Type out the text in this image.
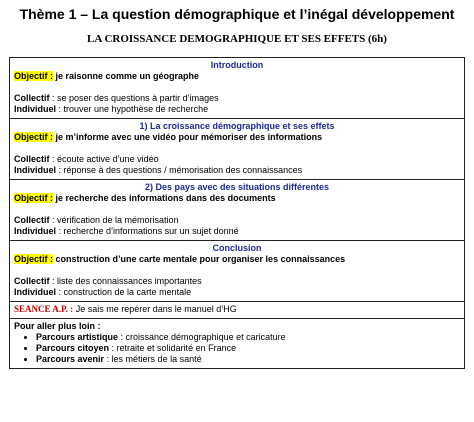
Thème 1 – La question démographique et l’inégal développement
LA CROISSANCE DEMOGRAPHIQUE ET SES EFFETS (6h)
Introduction
Objectif : je raisonne comme un géographe
Collectif : se poser des questions à partir d’images
Individuel : trouver une hypothèse de recherche

1) La croissance démographique et ses effets
Objectif : je m’informe avec une vidéo pour mémoriser des informations
Collectif : écoute active d’une vidéo
Individuel : réponse à des questions / mémorisation des connaissances

2) Des pays avec des situations différentes
Objectif : je recherche des informations dans des documents
Collectif : vérification de la mémorisation
Individuel : recherche d’informations sur un sujet donné

Conclusion
Objectif : construction d’une carte mentale pour organiser les connaissances
Collectif : liste des connaissances importantes
Individuel : construction de la carte mentale

SEANCE A.P. : Je sais me repérer dans le manuel d’HG

Pour aller plus loin :
• Parcours artistique : croissance démographique et caricature
• Parcours citoyen : retraite et solidarité en France
• Parcours avenir : les métiers de la santé
